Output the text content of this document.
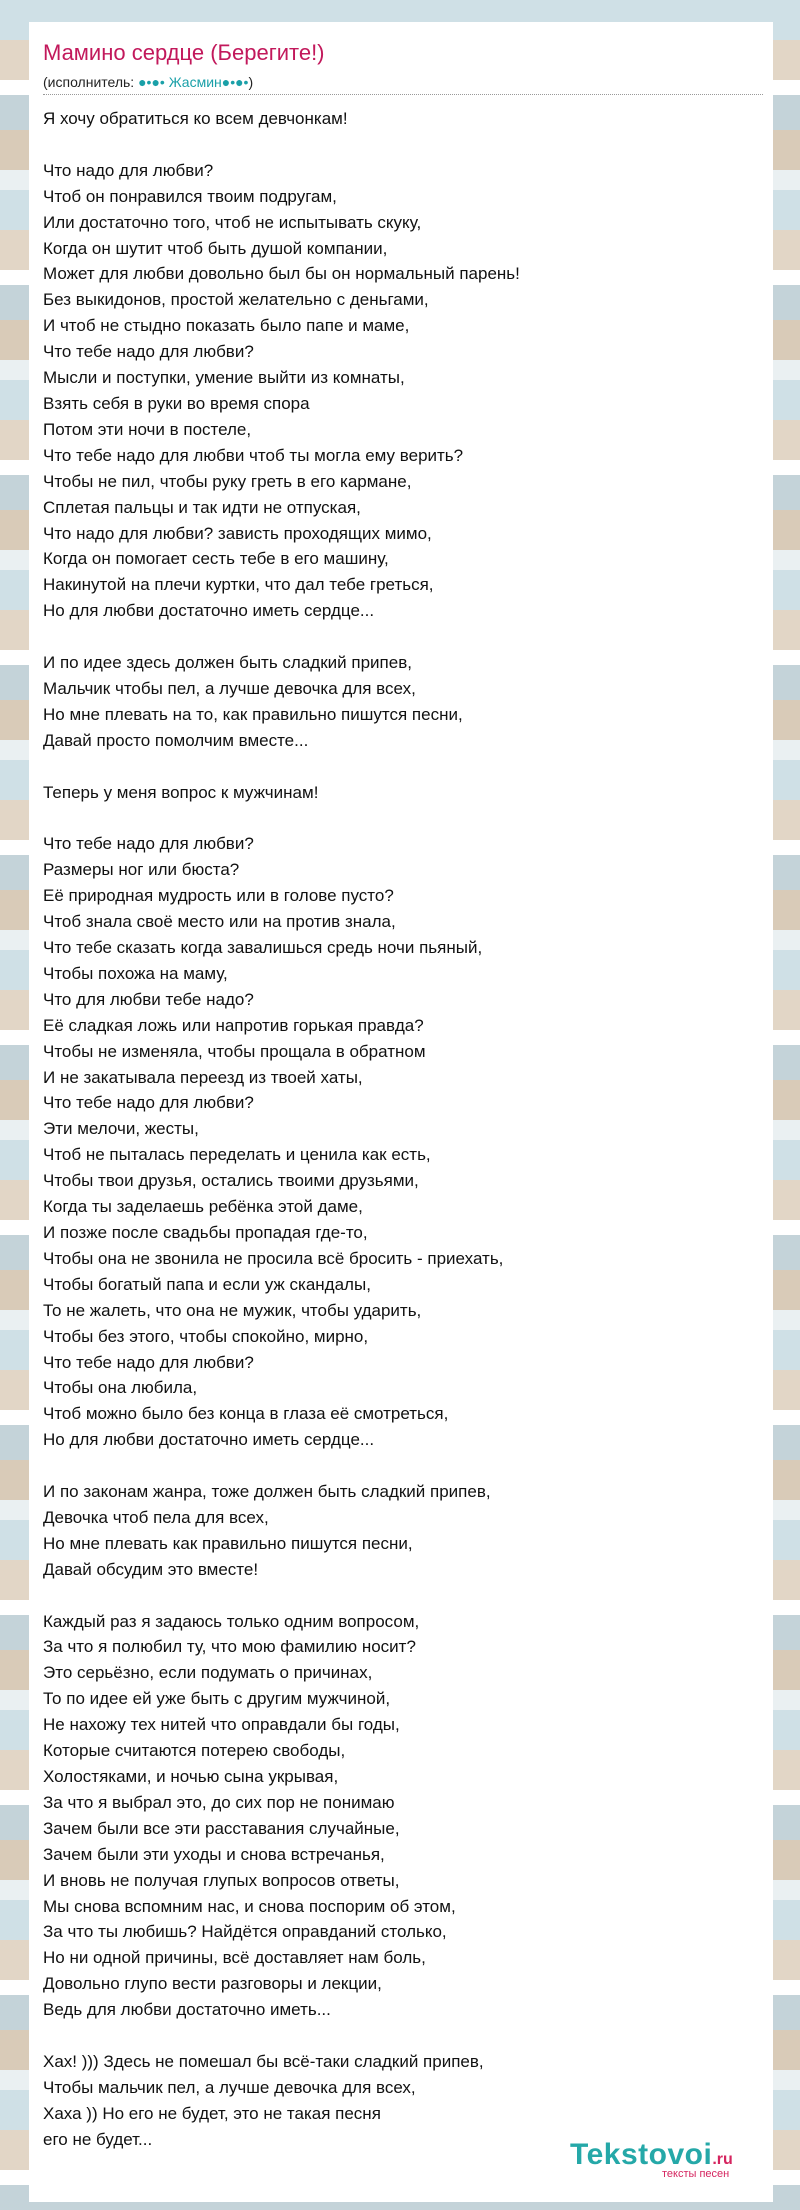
Мамино сердце (Берегите!)
(исполнитель: ●•●• Жасмин●•●•)
Я хочу обратиться ко всем девчонкам!

Что надо для любви?
Чтоб он понравился твоим подругам,
Или достаточно того, чтоб не испытывать скуку,
Когда он шутит чтоб быть душой компании,
Может для любви довольно был бы он нормальный парень!
Без выкидонов, простой желательно с деньгами,
И чтоб не стыдно показать было папе и маме,
Что тебе надо для любви?
Мысли и поступки, умение выйти из комнаты,
Взять себя в руки во время спора
Потом эти ночи в постеле,
Что тебе надо для любви чтоб ты могла ему верить?
Чтобы не пил, чтобы руку греть в его кармане,
Сплетая пальцы и так идти не отпуская,
Что надо для любви? зависть проходящих мимо,
Когда он помогает сесть тебе в его машину,
Накинутой на плечи куртки, что дал тебе греться,
Но для любви достаточно иметь сердце...

И по идее здесь должен быть сладкий припев,
Мальчик чтобы пел, а лучше девочка для всех,
Но мне плевать на то, как правильно пишутся песни,
Давай просто помолчим вместе...

Теперь у меня вопрос к мужчинам!

Что тебе надо для любви?
Размеры ног или бюста?
Её природная мудрость или в голове пусто?
Чтоб знала своё место или на против знала,
Что тебе сказать когда завалишься средь ночи пьяный,
Чтобы похожа на маму,
Что для любви тебе надо?
Её сладкая ложь или напротив горькая правда?
Чтобы не изменяла, чтобы прощала в обратном
И не закатывала переезд из твоей хаты,
Что тебе надо для любви?
Эти мелочи, жесты,
Чтоб не пыталась переделать и ценила как есть,
Чтобы твои друзья, остались твоими друзьями,
Когда ты заделаешь ребёнка этой даме,
И позже после свадьбы пропадая где-то,
Чтобы она не звонила не просила всё бросить - приехать,
Чтобы богатый папа и если уж скандалы,
То не жалеть, что она не мужик, чтобы ударить,
Чтобы без этого, чтобы спокойно, мирно,
Что тебе надо для любви?
Чтобы она любила,
Чтоб можно было без конца в глаза её смотреться,
Но для любви достаточно иметь сердце...

И по законам жанра, тоже должен быть сладкий припев,
Девочка чтоб пела для всех,
Но мне плевать как правильно пишутся песни,
Давай обсудим это вместе!

Каждый раз я задаюсь только одним вопросом,
За что я полюбил ту, что мою фамилию носит?
Это серьёзно, если подумать о причинах,
То по идее ей уже быть с другим мужчиной,
Не нахожу тех нитей что оправдали бы годы,
Которые считаются потерею свободы,
Холостяками, и ночью сына укрывая,
За что я выбрал это, до сих пор не понимаю
Зачем были все эти расставания случайные,
Зачем были эти уходы и снова встречанья,
И вновь не получая глупых вопросов ответы,
Мы снова вспомним нас, и снова поспорим об этом,
За что ты любишь? Найдётся оправданий столько,
Но ни одной причины, всё доставляет нам боль,
Довольно глупо вести разговоры и лекции,
Ведь для любви достаточно иметь...

Хах! ))) Здесь не помешал бы всё-таки сладкий припев,
Чтобы мальчик пел, а лучше девочка для всех,
Хаха )) Но его не будет, это не такая песня
его не будет...	Tekstovoi.ru
тексты песен
